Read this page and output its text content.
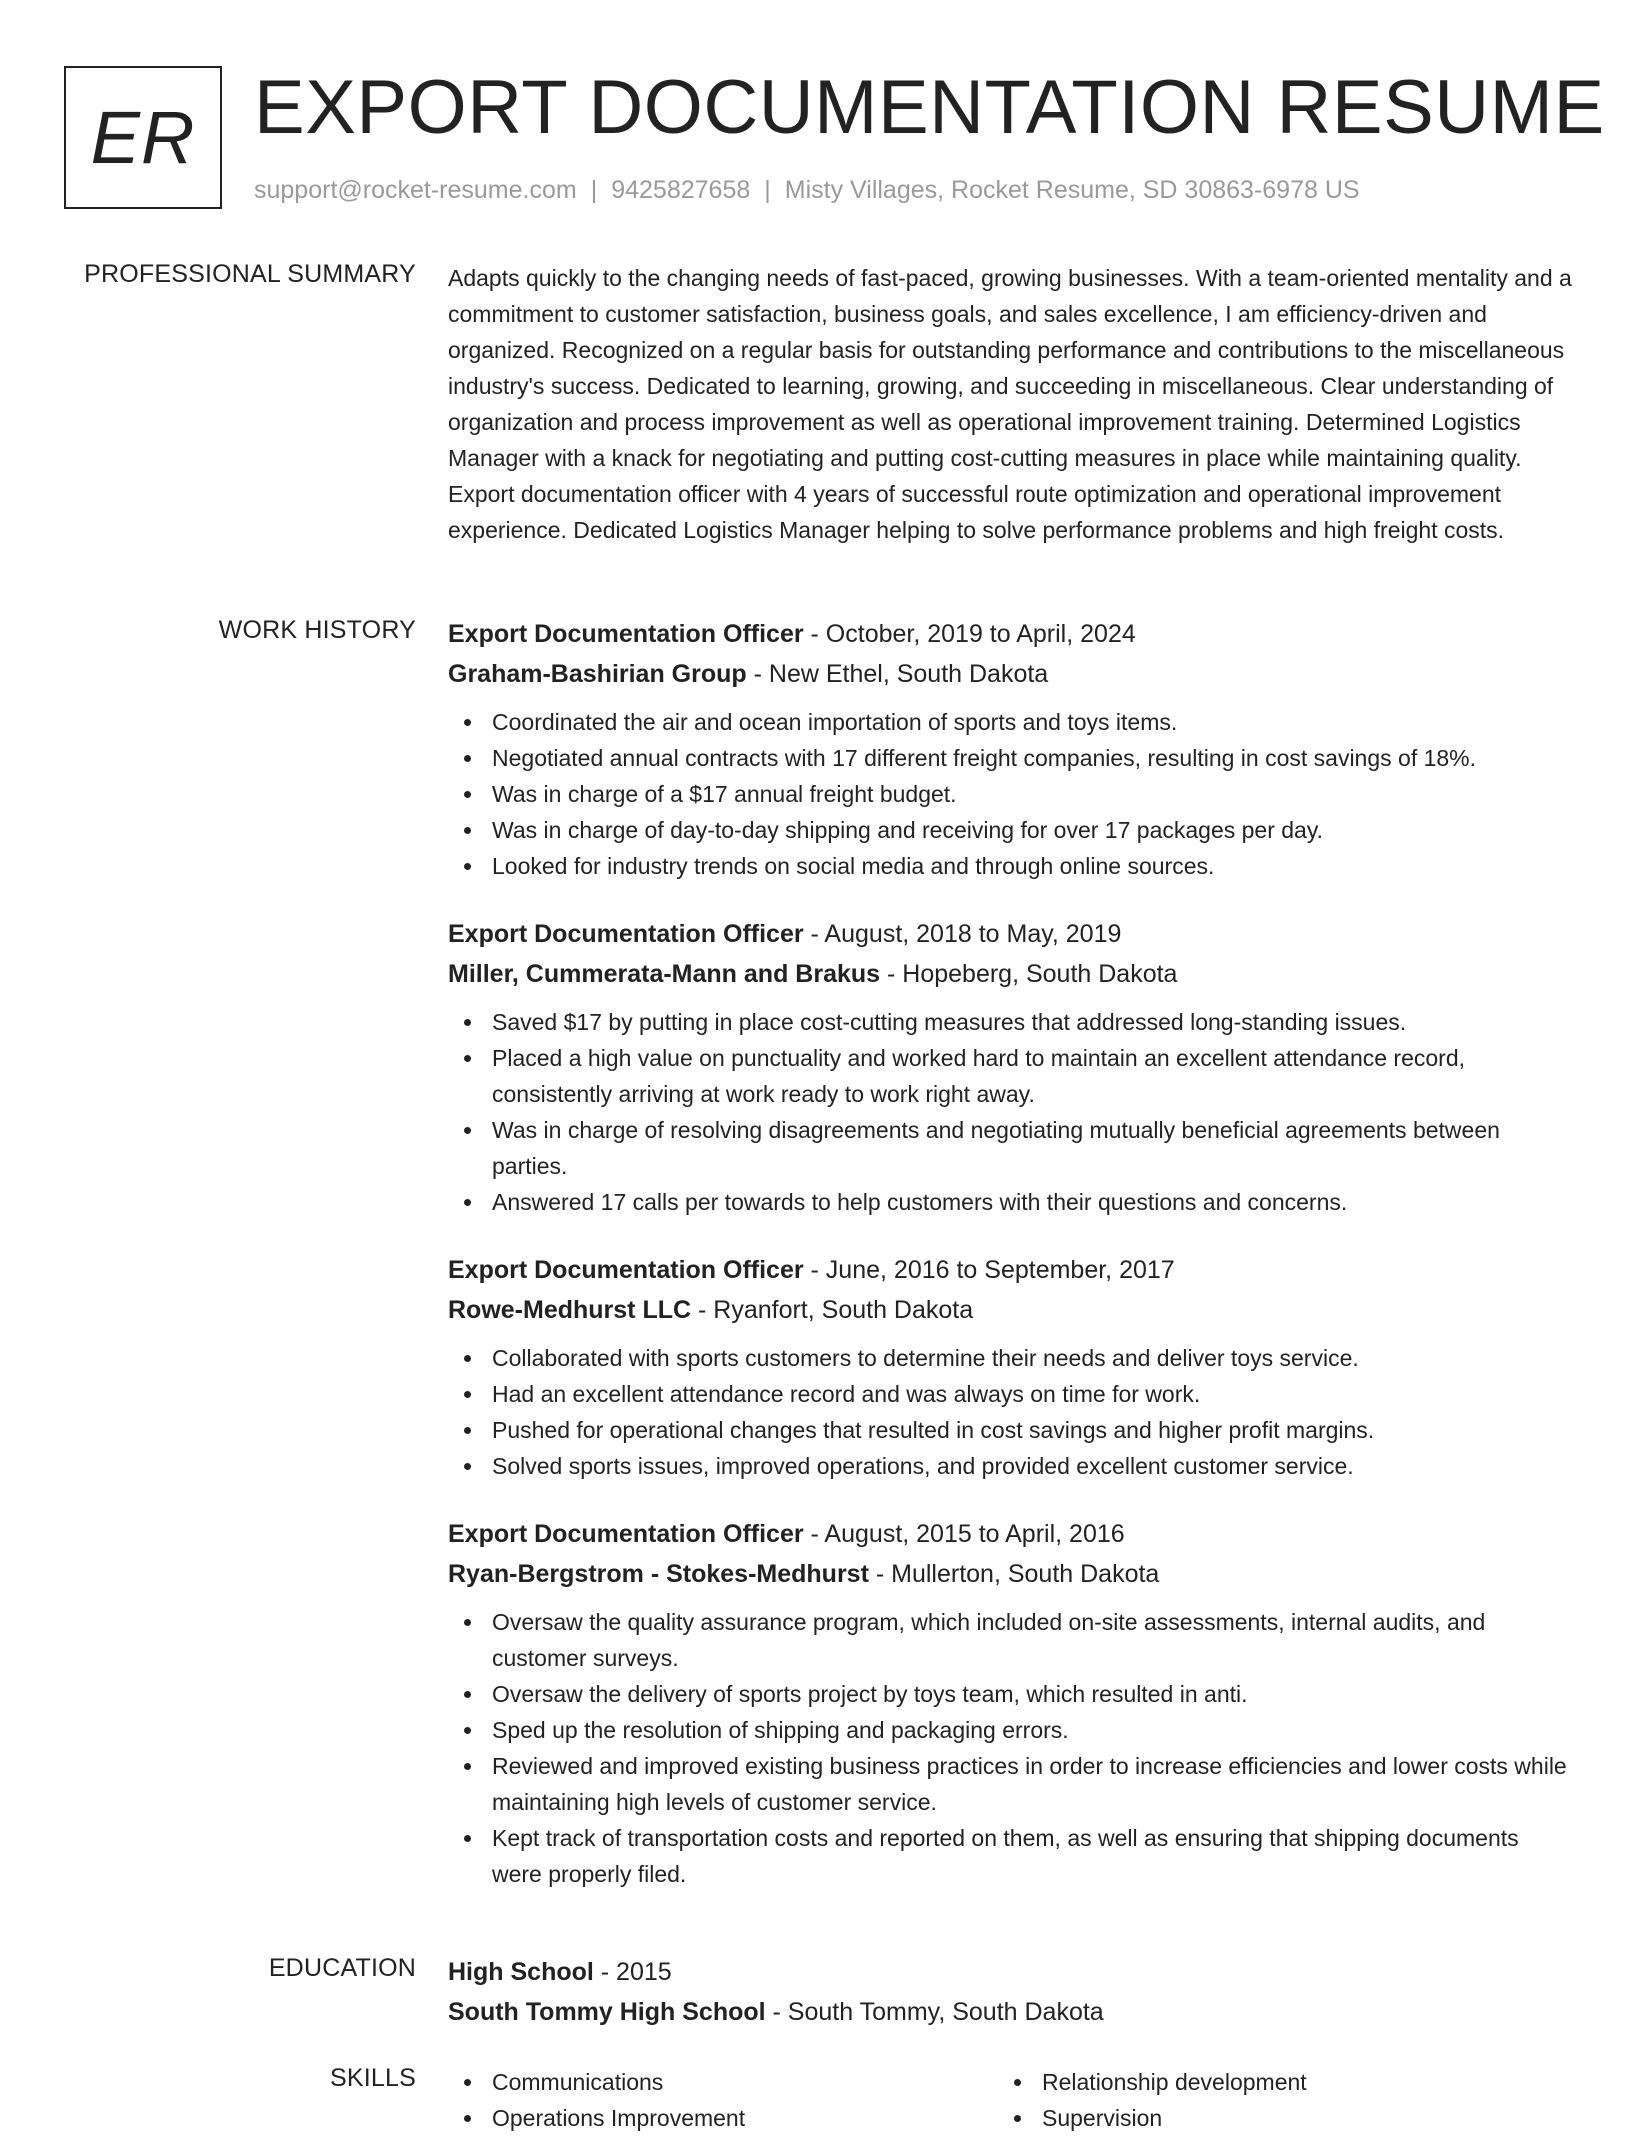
ER EXPORT DOCUMENTATION RESUME
support@rocket-resume.com | 9425827658 | Misty Villages, Rocket Resume, SD 30863-6978 US
PROFESSIONAL SUMMARY Adapts quickly to the changing needs of fast-paced, growing businesses. With a team-oriented mentality and a commitment to customer satisfaction, business goals, and sales excellence, I am efficiency-driven and organized. Recognized on a regular basis for outstanding performance and contributions to the miscellaneous industry's success. Dedicated to learning, growing, and succeeding in miscellaneous. Clear understanding of organization and process improvement as well as operational improvement training. Determined Logistics Manager with a knack for negotiating and putting cost-cutting measures in place while maintaining quality. Export documentation officer with 4 years of successful route optimization and operational improvement experience. Dedicated Logistics Manager helping to solve performance problems and high freight costs.
WORK HISTORY Export Documentation Officer - October, 2019 to April, 2024
Graham-Bashirian Group - New Ethel, South Dakota
Coordinated the air and ocean importation of sports and toys items.
Negotiated annual contracts with 17 different freight companies, resulting in cost savings of 18%.
Was in charge of a $17 annual freight budget.
Was in charge of day-to-day shipping and receiving for over 17 packages per day.
Looked for industry trends on social media and through online sources.
Export Documentation Officer - August, 2018 to May, 2019
Miller, Cummerata-Mann and Brakus - Hopeberg, South Dakota
Saved $17 by putting in place cost-cutting measures that addressed long-standing issues.
Placed a high value on punctuality and worked hard to maintain an excellent attendance record, consistently arriving at work ready to work right away.
Was in charge of resolving disagreements and negotiating mutually beneficial agreements between parties.
Answered 17 calls per towards to help customers with their questions and concerns.
Export Documentation Officer - June, 2016 to September, 2017
Rowe-Medhurst LLC - Ryanfort, South Dakota
Collaborated with sports customers to determine their needs and deliver toys service.
Had an excellent attendance record and was always on time for work.
Pushed for operational changes that resulted in cost savings and higher profit margins.
Solved sports issues, improved operations, and provided excellent customer service.
Export Documentation Officer - August, 2015 to April, 2016
Ryan-Bergstrom - Stokes-Medhurst - Mullerton, South Dakota
Oversaw the quality assurance program, which included on-site assessments, internal audits, and customer surveys.
Oversaw the delivery of sports project by toys team, which resulted in anti.
Sped up the resolution of shipping and packaging errors.
Reviewed and improved existing business practices in order to increase efficiencies and lower costs while maintaining high levels of customer service.
Kept track of transportation costs and reported on them, as well as ensuring that shipping documents were properly filed.
EDUCATION High School - 2015
South Tommy High School - South Tommy, South Dakota
SKILLS	Communications
Operations Improvement
Relationship development
Supervision
